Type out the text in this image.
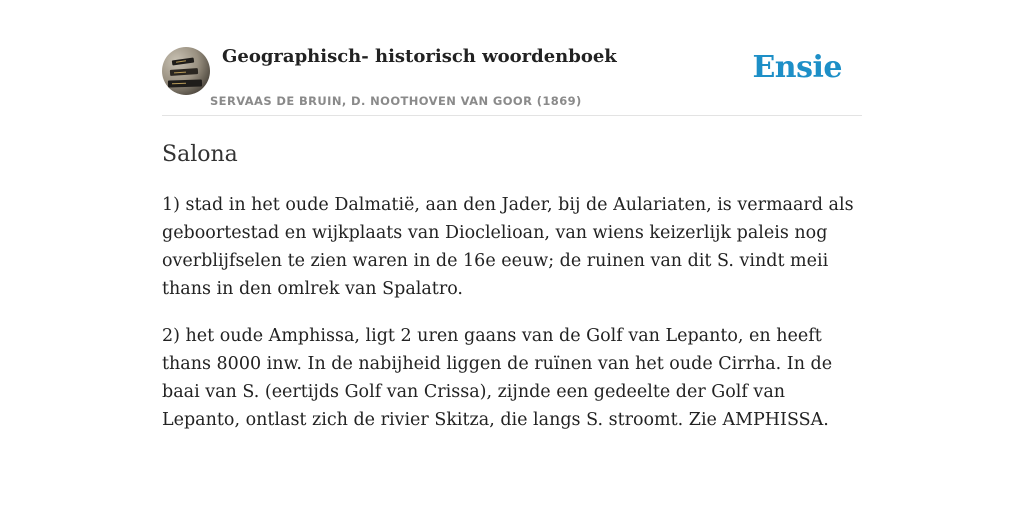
Geographisch- historisch woordenboek
SERVAAS DE BRUIN, D. NOOTHOVEN VAN GOOR (1869)
Ensie
Salona

1) stad in het oude Dalmatië, aan den Jader, bij de Aulariaten, is vermaard als geboortestad en wijkplaats van Dioclelioan, van wiens keizerlijk paleis nog overblijfselen te zien waren in de 16e eeuw; de ruinen van dit S. vindt meii thans in den omlrek van Spalatro.

2) het oude Amphissa, ligt 2 uren gaans van de Golf van Lepanto, en heeft thans 8000 inw. In de nabijheid liggen de ruïnen van het oude Cirrha. In de baai van S. (eertijds Golf van Crissa), zijnde een gedeelte der Golf van Lepanto, ontlast zich de rivier Skitza, die langs S. stroomt. Zie AMPHISSA.
